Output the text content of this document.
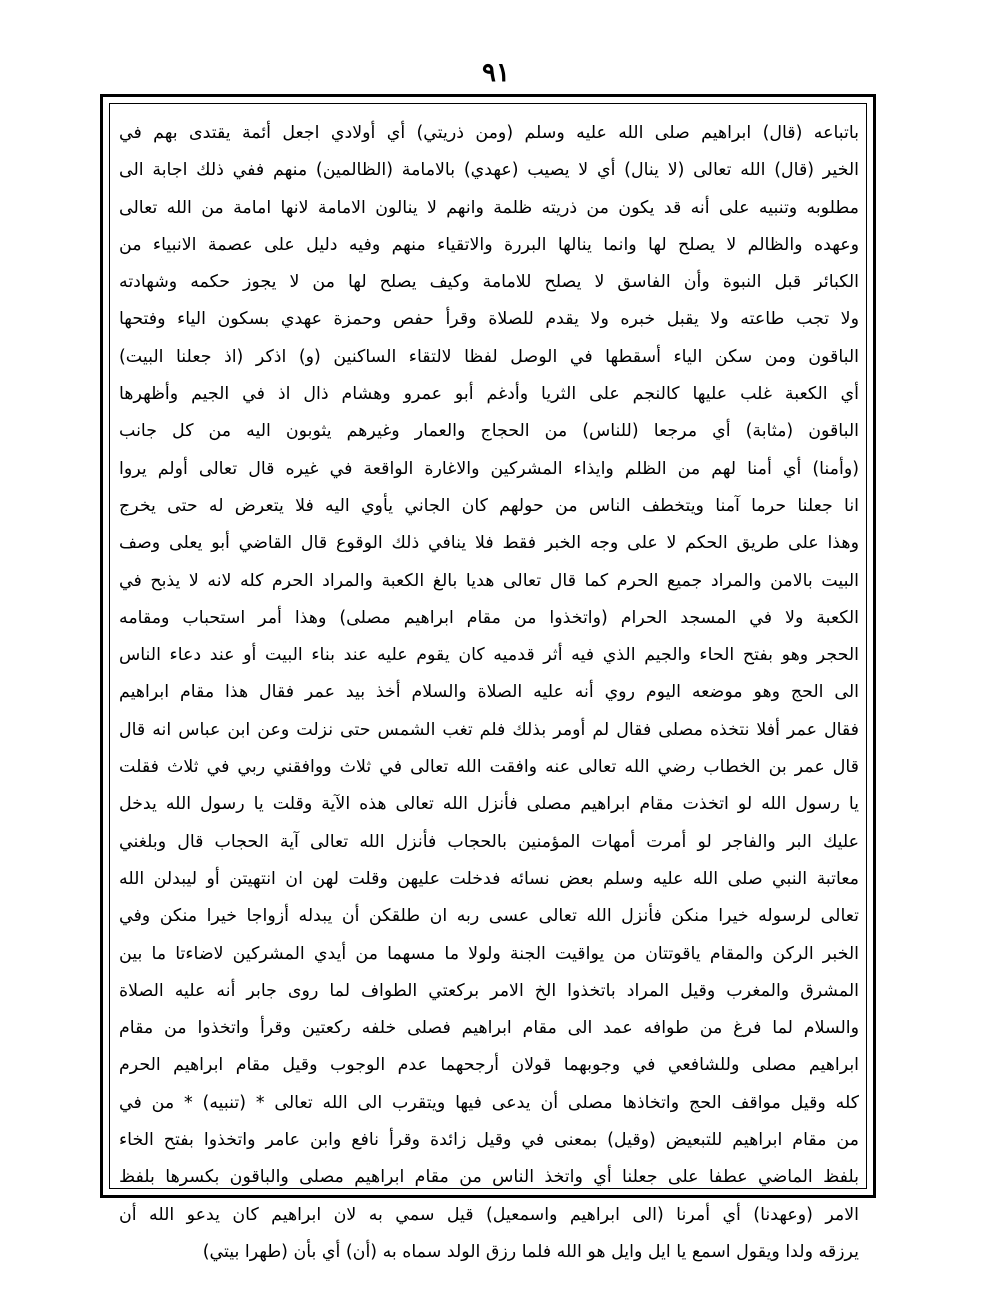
٩١
باتباعه (قال) ابراهيم صلى الله عليه وسلم (ومن ذريتي) أي أولادي اجعل أئمة يقتدى بهم في
الخير (قال) الله تعالى (لا ينال) أي لا يصيب (عهدي) بالامامة (الظالمين) منهم ففي ذلك اجابة الى
مطلوبه وتنبيه على أنه قد يكون من ذريته ظلمة وانهم لا ينالون الامامة لانها امامة من الله تعالى
وعهده والظالم لا يصلح لها وانما ينالها البررة والاتقياء منهم وفيه دليل على عصمة الانبياء من
الكبائر قبل النبوة وأن الفاسق لا يصلح للامامة وكيف يصلح لها من لا يجوز حكمه وشهادته
ولا تجب طاعته ولا يقبل خبره ولا يقدم للصلاة وقرأ حفص وحمزة عهدي بسكون الياء وفتحها
الباقون ومن سكن الياء أسقطها في الوصل لفظا لالتقاء الساكنين (و) اذكر (اذ جعلنا البيت)
أي الكعبة غلب عليها كالنجم على الثريا وأدغم أبو عمرو وهشام ذال اذ في الجيم وأظهرها
الباقون (مثابة) أي مرجعا (للناس) من الحجاج والعمار وغيرهم يثوبون اليه من كل جانب
(وأمنا) أي أمنا لهم من الظلم وايذاء المشركين والاغارة الواقعة في غيره قال تعالى أولم يروا
انا جعلنا حرما آمنا ويتخطف الناس من حولهم كان الجاني يأوي اليه فلا يتعرض له حتى يخرج
وهذا على طريق الحكم لا على وجه الخبر فقط فلا ينافي ذلك الوقوع قال القاضي أبو يعلى وصف
البيت بالامن والمراد جميع الحرم كما قال تعالى هديا بالغ الكعبة والمراد الحرم كله لانه لا يذبح في
الكعبة ولا في المسجد الحرام (واتخذوا من مقام ابراهيم مصلى) وهذا أمر استحباب ومقامه
الحجر وهو بفتح الحاء والجيم الذي فيه أثر قدميه كان يقوم عليه عند بناء البيت أو عند دعاء الناس
الى الحج وهو موضعه اليوم روي أنه عليه الصلاة والسلام أخذ بيد عمر فقال هذا مقام ابراهيم
فقال عمر أفلا نتخذه مصلى فقال لم أومر بذلك فلم تغب الشمس حتى نزلت وعن ابن عباس انه قال
قال عمر بن الخطاب رضي الله تعالى عنه وافقت الله تعالى في ثلاث ووافقني ربي في ثلاث فقلت
يا رسول الله لو اتخذت مقام ابراهيم مصلى فأنزل الله تعالى هذه الآية وقلت يا رسول الله يدخل
عليك البر والفاجر لو أمرت أمهات المؤمنين بالحجاب فأنزل الله تعالى آية الحجاب قال وبلغني
معاتبة النبي صلى الله عليه وسلم بعض نسائه فدخلت عليهن وقلت لهن ان انتهيتن أو ليبدلن الله
تعالى لرسوله خيرا منكن فأنزل الله تعالى عسى ربه ان طلقكن أن يبدله أزواجا خيرا منكن وفي
الخبر الركن والمقام ياقوتتان من يواقيت الجنة ولولا ما مسهما من أيدي المشركين لاضاءتا ما بين
المشرق والمغرب وقيل المراد باتخذوا الخ الامر بركعتي الطواف لما روى جابر أنه عليه الصلاة
والسلام لما فرغ من طوافه عمد الى مقام ابراهيم فصلى خلفه ركعتين وقرأ واتخذوا من مقام
ابراهيم مصلى وللشافعي في وجوبهما قولان أرجحهما عدم الوجوب وقيل مقام ابراهيم الحرم
كله وقيل مواقف الحج واتخاذها مصلى أن يدعى فيها ويتقرب الى الله تعالى * (تنبيه) * من في
من مقام ابراهيم للتبعيض (وقيل) بمعنى في وقيل زائدة وقرأ نافع وابن عامر واتخذوا بفتح الخاء
بلفظ الماضي عطفا على جعلنا أي واتخذ الناس من مقام ابراهيم مصلى والباقون بكسرها بلفظ
الامر (وعهدنا) أي أمرنا (الى ابراهيم واسمعيل) قيل سمي به لان ابراهيم كان يدعو الله أن
يرزقه ولدا ويقول اسمع يا ايل وايل هو الله فلما رزق الولد سماه به (أن) أي بأن (طهرا بيتي)
